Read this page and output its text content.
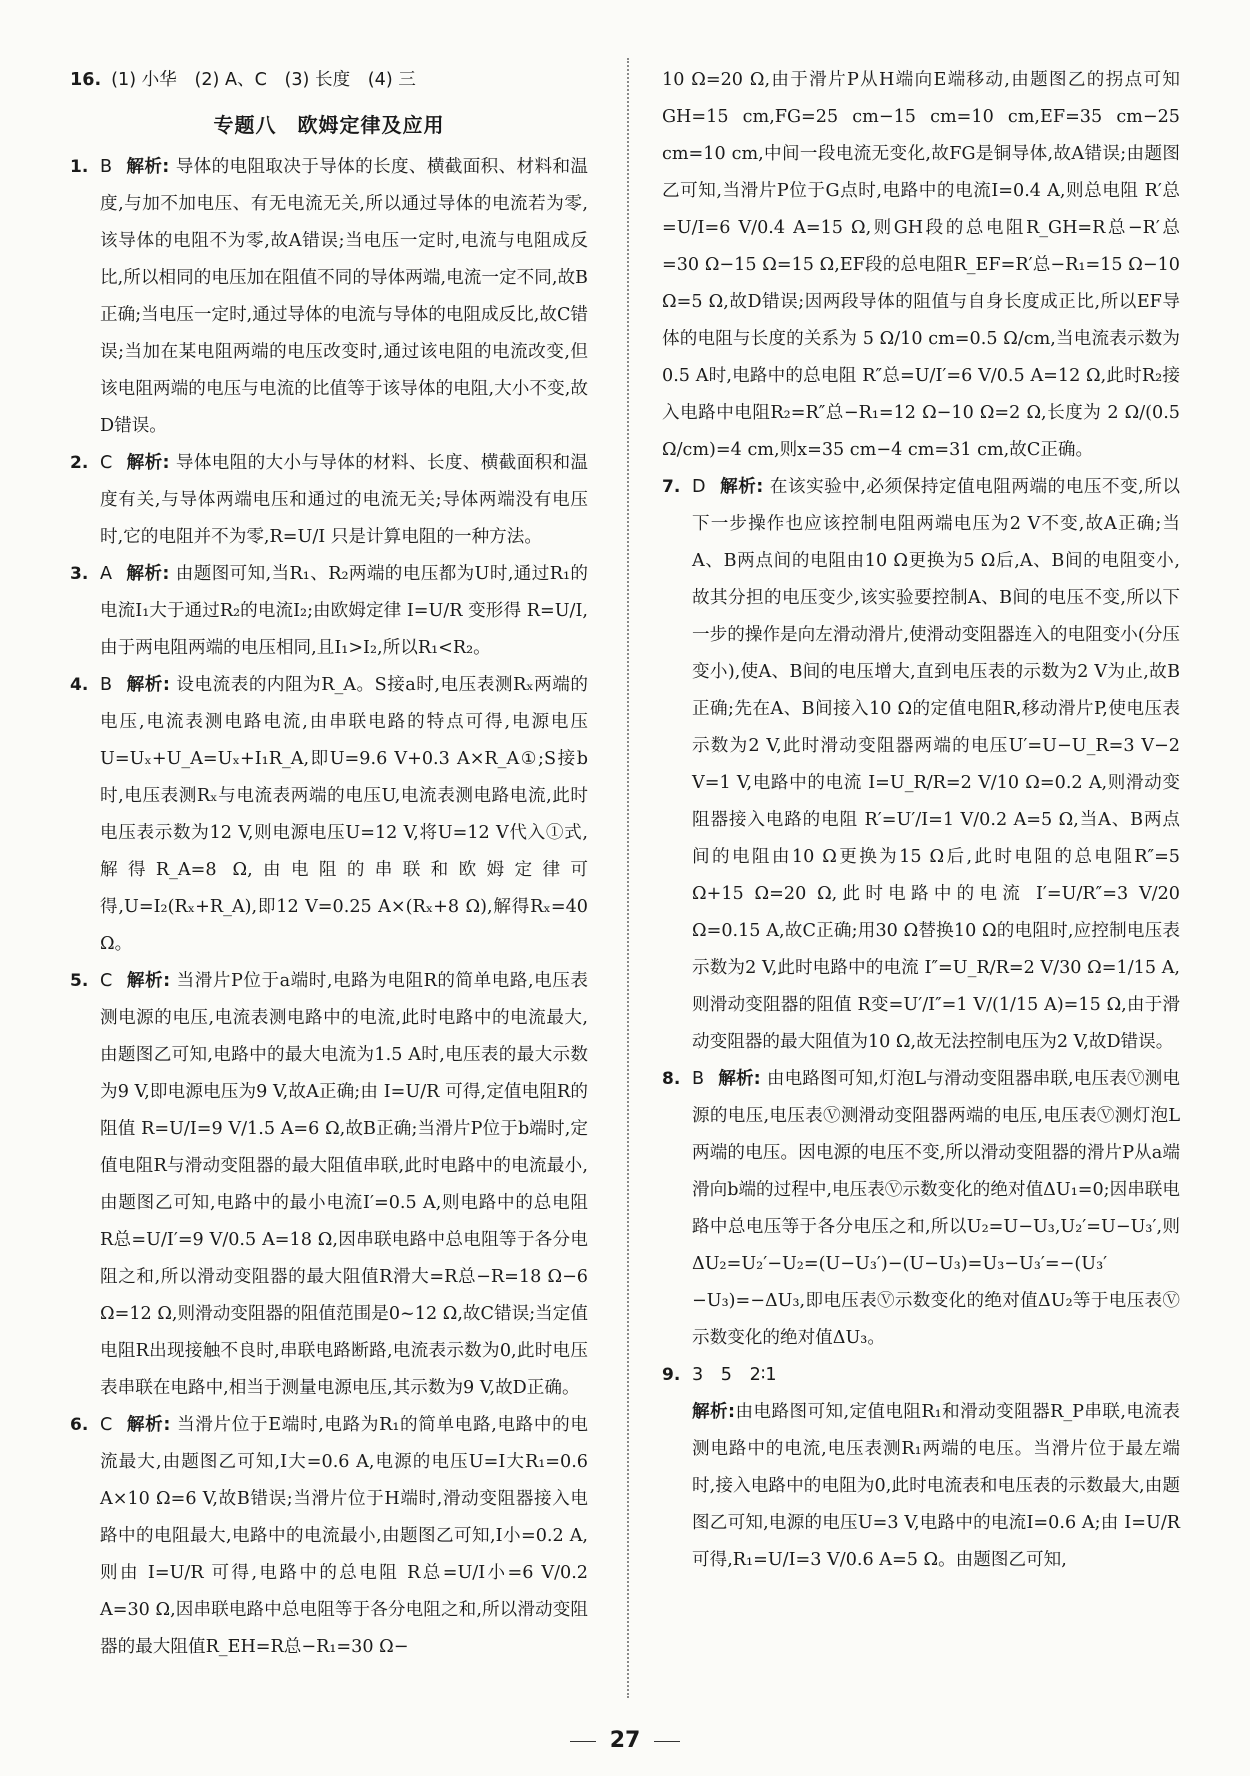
16. (1) 小华　(2) A、C　(3) 长度　(4) 三
专题八　欧姆定律及应用
1. B 解析: 导体的电阻取决于导体的长度、横截面积、材料和温度,与加不加电压、有无电流无关,所以通过导体的电流若为零,该导体的电阻不为零,故A错误;当电压一定时,电流与电阻成反比,所以相同的电压加在阻值不同的导体两端,电流一定不同,故B正确;当电压一定时,通过导体的电流与导体的电阻成反比,故C错误;当加在某电阻两端的电压改变时,通过该电阻的电流改变,但该电阻两端的电压与电流的比值等于该导体的电阻,大小不变,故D错误。
2. C 解析: 导体电阻的大小与导体的材料、长度、横截面积和温度有关,与导体两端电压和通过的电流无关;导体两端没有电压时,它的电阻并不为零,R=U/I 只是计算电阻的一种方法。
3. A 解析: 由题图可知,当R₁、R₂两端的电压都为U时,通过R₁的电流I₁大于通过R₂的电流I₂;由欧姆定律 I=U/R 变形得 R=U/I,由于两电阻两端的电压相同,且I₁>I₂,所以R₁<R₂。
4. B 解析: 设电流表的内阻为R_A。S接a时,电压表测Rₓ两端的电压,电流表测电路电流,由串联电路的特点可得,电源电压U=Uₓ+U_A=Uₓ+I₁R_A,即U=9.6 V+0.3 A×R_A①;S接b时,电压表测Rₓ与电流表两端的电压U,电流表测电路电流,此时电压表示数为12 V,则电源电压U=12 V,将U=12 V代入①式,解得R_A=8 Ω,由电阻的串联和欧姆定律可得,U=I₂(Rₓ+R_A),即12 V=0.25 A×(Rₓ+8 Ω),解得Rₓ=40 Ω。
5. C 解析: 当滑片P位于a端时,电路为电阻R的简单电路,电压表测电源的电压,电流表测电路中的电流,此时电路中的电流最大,由题图乙可知,电路中的最大电流为1.5 A时,电压表的最大示数为9 V,即电源电压为9 V,故A正确;由 I=U/R 可得,定值电阻R的阻值 R=U/I=9 V/1.5 A=6 Ω,故B正确;当滑片P位于b端时,定值电阻R与滑动变阻器的最大阻值串联,此时电路中的电流最小,由题图乙可知,电路中的最小电流I′=0.5 A,则电路中的总电阻 R总=U/I′=9 V/0.5 A=18 Ω,因串联电路中总电阻等于各分电阻之和,所以滑动变阻器的最大阻值R滑大=R总−R=18 Ω−6 Ω=12 Ω,则滑动变阻器的阻值范围是0~12 Ω,故C错误;当定值电阻R出现接触不良时,串联电路断路,电流表示数为0,此时电压表串联在电路中,相当于测量电源电压,其示数为9 V,故D正确。
6. C 解析: 当滑片位于E端时,电路为R₁的简单电路,电路中的电流最大,由题图乙可知,I大=0.6 A,电源的电压U=I大R₁=0.6 A×10 Ω=6 V,故B错误;当滑片位于H端时,滑动变阻器接入电路中的电阻最大,电路中的电流最小,由题图乙可知,I小=0.2 A,则由 I=U/R 可得,电路中的总电阻 R总=U/I小=6 V/0.2 A=30 Ω,因串联电路中总电阻等于各分电阻之和,所以滑动变阻器的最大阻值R_EH=R总−R₁=30 Ω−
10 Ω=20 Ω,由于滑片P从H端向E端移动,由题图乙的拐点可知GH=15 cm,FG=25 cm−15 cm=10 cm,EF=35 cm−25 cm=10 cm,中间一段电流无变化,故FG是铜导体,故A错误;由题图乙可知,当滑片P位于G点时,电路中的电流I=0.4 A,则总电阻 R′总=U/I=6 V/0.4 A=15 Ω,则GH段的总电阻R_GH=R总−R′总=30 Ω−15 Ω=15 Ω,EF段的总电阻R_EF=R′总−R₁=15 Ω−10 Ω=5 Ω,故D错误;因两段导体的阻值与自身长度成正比,所以EF导体的电阻与长度的关系为 5 Ω/10 cm=0.5 Ω/cm,当电流表示数为0.5 A时,电路中的总电阻 R″总=U/I′=6 V/0.5 A=12 Ω,此时R₂接入电路中电阻R₂=R″总−R₁=12 Ω−10 Ω=2 Ω,长度为 2 Ω/(0.5 Ω/cm)=4 cm,则x=35 cm−4 cm=31 cm,故C正确。
7. D 解析: 在该实验中,必须保持定值电阻两端的电压不变,所以下一步操作也应该控制电阻两端电压为2 V不变,故A正确;当A、B两点间的电阻由10 Ω更换为5 Ω后,A、B间的电阻变小,故其分担的电压变少,该实验要控制A、B间的电压不变,所以下一步的操作是向左滑动滑片,使滑动变阻器连入的电阻变小(分压变小),使A、B间的电压增大,直到电压表的示数为2 V为止,故B正确;先在A、B间接入10 Ω的定值电阻R,移动滑片P,使电压表示数为2 V,此时滑动变阻器两端的电压U′=U−U_R=3 V−2 V=1 V,电路中的电流 I=U_R/R=2 V/10 Ω=0.2 A,则滑动变阻器接入电路的电阻 R′=U′/I=1 V/0.2 A=5 Ω,当A、B两点间的电阻由10 Ω更换为15 Ω后,此时电阻的总电阻R″=5 Ω+15 Ω=20 Ω,此时电路中的电流 I′=U/R″=3 V/20 Ω=0.15 A,故C正确;用30 Ω替换10 Ω的电阻时,应控制电压表示数为2 V,此时电路中的电流 I″=U_R/R=2 V/30 Ω=1/15 A,则滑动变阻器的阻值 R变=U′/I″=1 V/(1/15 A)=15 Ω,由于滑动变阻器的最大阻值为10 Ω,故无法控制电压为2 V,故D错误。
8. B 解析: 由电路图可知,灯泡L与滑动变阻器串联,电压表Ⓥ测电源的电压,电压表Ⓥ测滑动变阻器两端的电压,电压表Ⓥ测灯泡L两端的电压。因电源的电压不变,所以滑动变阻器的滑片P从a端滑向b端的过程中,电压表Ⓥ示数变化的绝对值ΔU₁=0;因串联电路中总电压等于各分电压之和,所以U₂=U−U₃,U₂′=U−U₃′,则ΔU₂=U₂′−U₂=(U−U₃′)−(U−U₃)=U₃−U₃′=−(U₃′−U₃)=−ΔU₃,即电压表Ⓥ示数变化的绝对值ΔU₂等于电压表Ⓥ示数变化的绝对值ΔU₃。
9. 3　5　2∶1
解析:由电路图可知,定值电阻R₁和滑动变阻器R_P串联,电流表测电路中的电流,电压表测R₁两端的电压。当滑片位于最左端时,接入电路中的电阻为0,此时电流表和电压表的示数最大,由题图乙可知,电源的电压U=3 V,电路中的电流I=0.6 A;由 I=U/R 可得,R₁=U/I=3 V/0.6 A=5 Ω。由题图乙可知,
27
